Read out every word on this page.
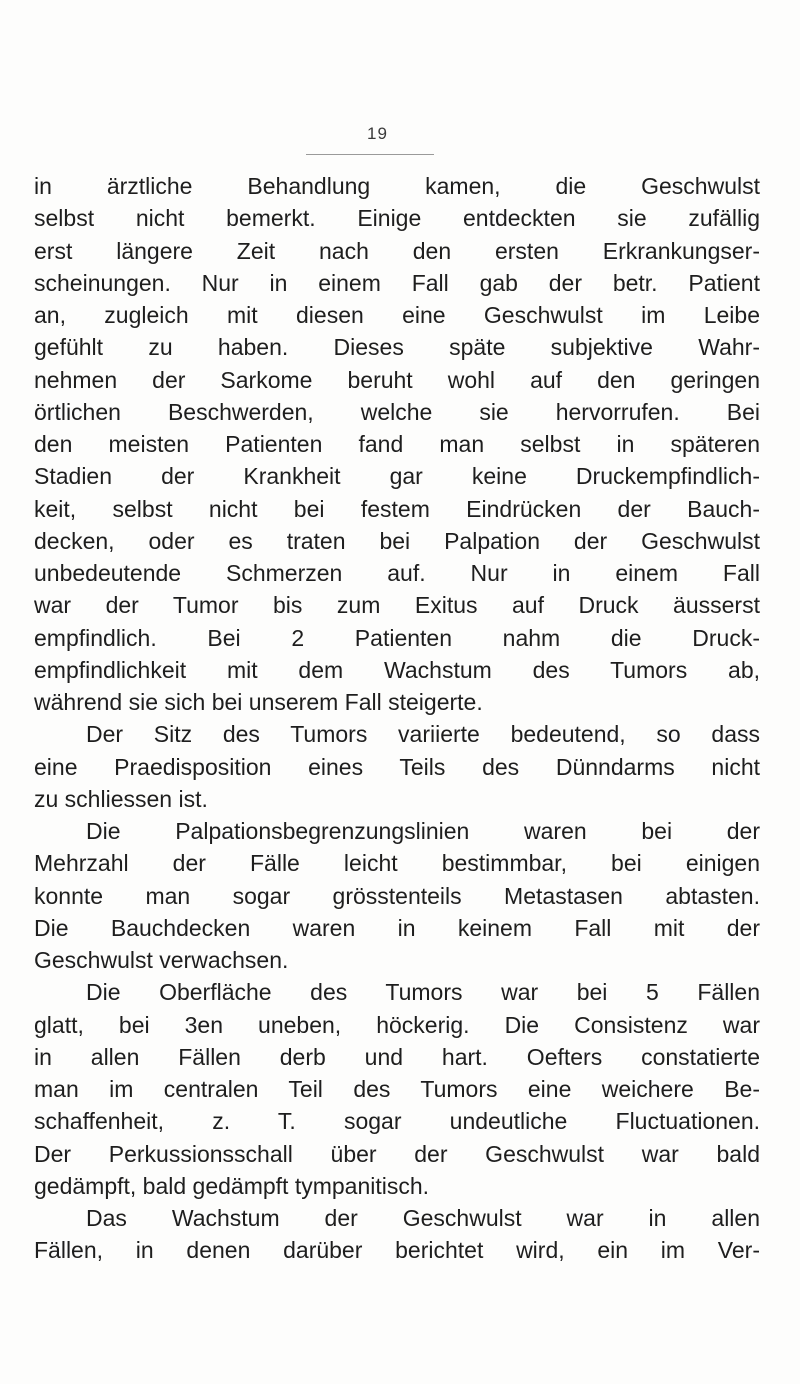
19
in ärztliche Behandlung kamen, die Geschwulst
selbst nicht bemerkt. Einige entdeckten sie zufällig
erst längere Zeit nach den ersten Erkrankungser-
scheinungen. Nur in einem Fall gab der betr. Patient
an, zugleich mit diesen eine Geschwulst im Leibe
gefühlt zu haben. Dieses späte subjektive Wahr-
nehmen der Sarkome beruht wohl auf den geringen
örtlichen Beschwerden, welche sie hervorrufen. Bei
den meisten Patienten fand man selbst in späteren
Stadien der Krankheit gar keine Druckempfindlich-
keit, selbst nicht bei festem Eindrücken der Bauch-
decken, oder es traten bei Palpation der Geschwulst
unbedeutende Schmerzen auf. Nur in einem Fall
war der Tumor bis zum Exitus auf Druck äusserst
empfindlich. Bei 2 Patienten nahm die Druck-
empfindlichkeit mit dem Wachstum des Tumors ab,
während sie sich bei unserem Fall steigerte.
Der Sitz des Tumors variierte bedeutend, so dass
eine Praedisposition eines Teils des Dünndarms nicht
zu schliessen ist.
Die Palpationsbegrenzungslinien waren bei der
Mehrzahl der Fälle leicht bestimmbar, bei einigen
konnte man sogar grösstenteils Metastasen abtasten.
Die Bauchdecken waren in keinem Fall mit der
Geschwulst verwachsen.
Die Oberfläche des Tumors war bei 5 Fällen
glatt, bei 3en uneben, höckerig. Die Consistenz war
in allen Fällen derb und hart. Oefters constatierte
man im centralen Teil des Tumors eine weichere Be-
schaffenheit, z. T. sogar undeutliche Fluctuationen.
Der Perkussionsschall über der Geschwulst war bald
gedämpft, bald gedämpft tympanitisch.
Das Wachstum der Geschwulst war in allen
Fällen, in denen darüber berichtet wird, ein im Ver-
